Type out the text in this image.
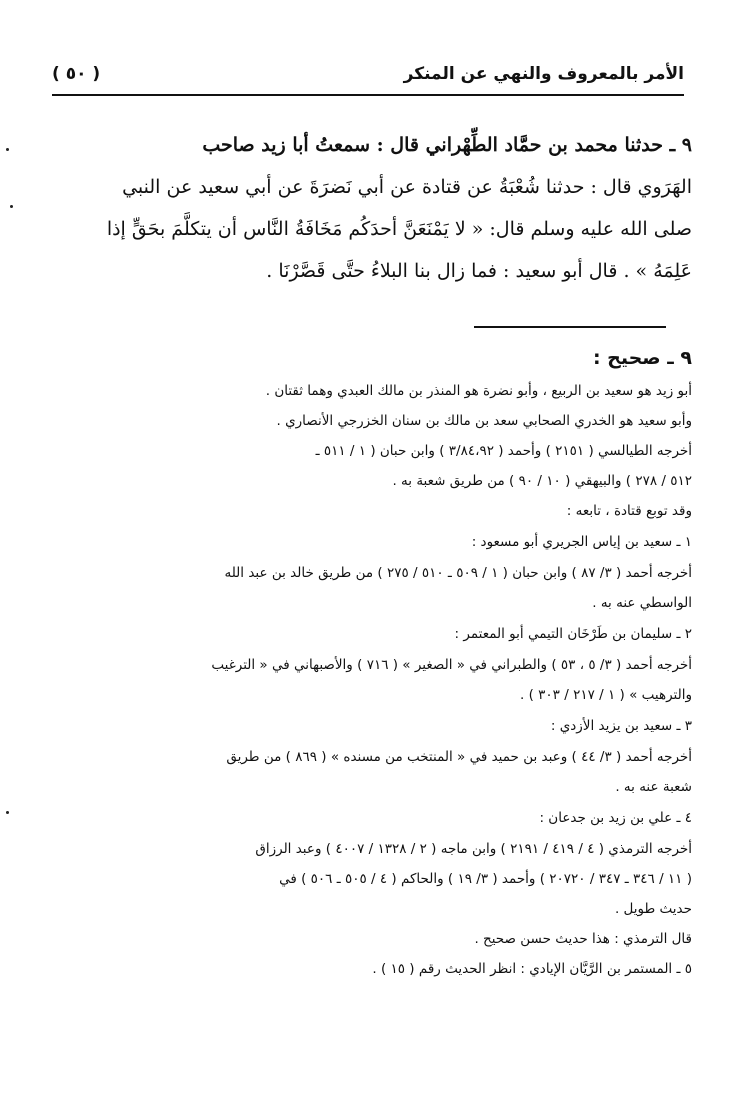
الأمر بالمعروف والنهي عن المنكر
( ٥٠ )
٩ ـ حدثنا محمد بن حمَّاد الطِّهْراني قال : سمعتُ أبا زيد صاحب
الهَرَوي قال : حدثنا شُعْبَةُ عن قتادة عن أبي نَضرَةَ عن أبي سعيد عن النبي
صلى الله عليه وسلم قال: « لا يَمْنَعَنَّ أحدَكُم مَخَافَةُ النَّاس أن يتكلَّمَ بحَقٍّ إذا
عَلِمَهُ » . قال أبو سعيد : فما زال بنا البلاءُ حتَّى قَصَّرْنَا .
٩ ـ صحيح :
أبو زيد هو سعيد بن الربيع ، وأبو نضرة هو المنذر بن مالك العبدي وهما ثقتان .
وأبو سعيد هو الخدري الصحابي سعد بن مالك بن سنان الخزرجي الأنصاري .
أخرجه الطيالسي ( ٢١٥١ ) وأحمد ( ٣/٨٤،٩٢ ) وابن حبان ( ١ / ٥١١ ـ
٥١٢ / ٢٧٨ ) والبيهقي ( ١٠ / ٩٠ ) من طريق شعبة به .
وقد توبع قتادة ، تابعه :
١ ـ سعيد بن إياس الجريري أبو مسعود :
أخرجه أحمد ( ٣/ ٨٧ ) وابن حبان ( ١ / ٥٠٩ ـ ٥١٠ / ٢٧٥ ) من طريق خالد بن عبد الله
الواسطي عنه به .
٢ ـ سليمان بن طَرْخَان التيمي أبو المعتمر :
أخرجه أحمد ( ٣/ ٥ ، ٥٣ ) والطبراني في « الصغير » ( ٧١٦ ) والأصبهاني في « الترغيب
والترهيب » ( ١ / ٢١٧ / ٣٠٣ ) .
٣ ـ سعيد بن يزيد الأزدي :
أخرجه أحمد ( ٣/ ٤٤ ) وعبد بن حميد في « المنتخب من مسنده » ( ٨٦٩ ) من طريق
شعبة عنه به .
٤ ـ علي بن زيد بن جدعان :
أخرجه الترمذي ( ٤ / ٤١٩ / ٢١٩١ ) وابن ماجه ( ٢ / ١٣٢٨ / ٤٠٠٧ ) وعبد الرزاق
( ١١ / ٣٤٦ ـ ٣٤٧ / ٢٠٧٢٠ ) وأحمد ( ٣/ ١٩ ) والحاكم ( ٤ / ٥٠٥ ـ ٥٠٦ ) في
حديث طويل .
قال الترمذي : هذا حديث حسن صحيح .
٥ ـ المستمر بن الرَّيَّان الإيادي : انظر الحديث رقم ( ١٥ ) .
